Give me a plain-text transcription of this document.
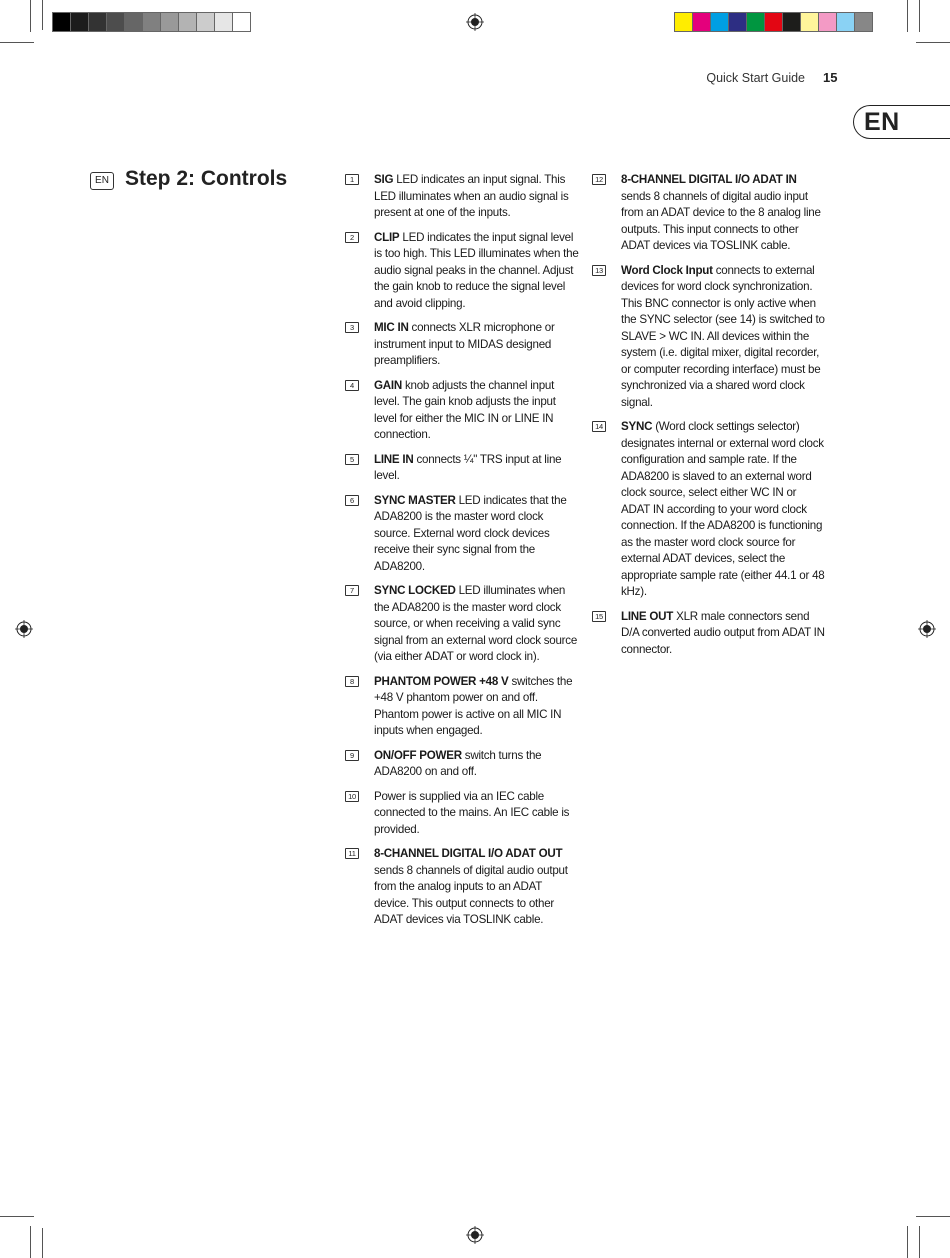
Quick Start Guide 15
EN
EN Step 2: Controls	1	SIG LED indicates an input signal. This LED illuminates when an audio signal is present at one of the inputs.
2	CLIP LED indicates the input signal level is too high. This LED illuminates when the audio signal peaks in the channel. Adjust the gain knob to reduce the signal level and avoid clipping.
3	MIC IN connects XLR microphone or instrument input to MIDAS designed preamplifiers.
4	GAIN knob adjusts the channel input level. The gain knob adjusts the input level for either the MIC IN or LINE IN connection.
5	LINE IN connects ¼" TRS input at line level.
6	SYNC MASTER LED indicates that the ADA8200 is the master word clock source. External word clock devices receive their sync signal from the ADA8200.
7	SYNC LOCKED LED illuminates when the ADA8200 is the master word clock source, or when receiving a valid sync signal from an external word clock source (via either ADAT or word clock in).
8	PHANTOM POWER +48 V switches the +48 V phantom power on and off. Phantom power is active on all MIC IN inputs when engaged.
9	ON/OFF POWER switch turns the ADA8200 on and off.
10 Power is supplied via an IEC cable connected to the mains. An IEC cable is provided.
11 8-CHANNEL DIGITAL I/O ADAT OUT sends 8 channels of digital audio output from the analog inputs to an ADAT device. This output connects to other ADAT devices via TOSLINK cable.
12 8-CHANNEL DIGITAL I/O ADAT IN sends 8 channels of digital audio input from an ADAT device to the 8 analog line outputs. This input connects to other ADAT devices via TOSLINK cable.
13 Word Clock Input connects to external devices for word clock synchronization. This BNC connector is only active when the SYNC selector (see 14) is switched to SLAVE > WC IN. All devices within the system (i.e. digital mixer, digital recorder, or computer recording interface) must be synchronized via a shared word clock signal.
14 SYNC (Word clock settings selector) designates internal or external word clock configuration and sample rate. If the ADA8200 is slaved to an external word clock source, select either WC IN or ADAT IN according to your word clock connection. If the ADA8200 is functioning as the master word clock source for external ADAT devices, select the appropriate sample rate (either 44.1 or 48 kHz).
15 LINE OUT XLR male connectors send D/A converted audio output from ADAT IN connector.
